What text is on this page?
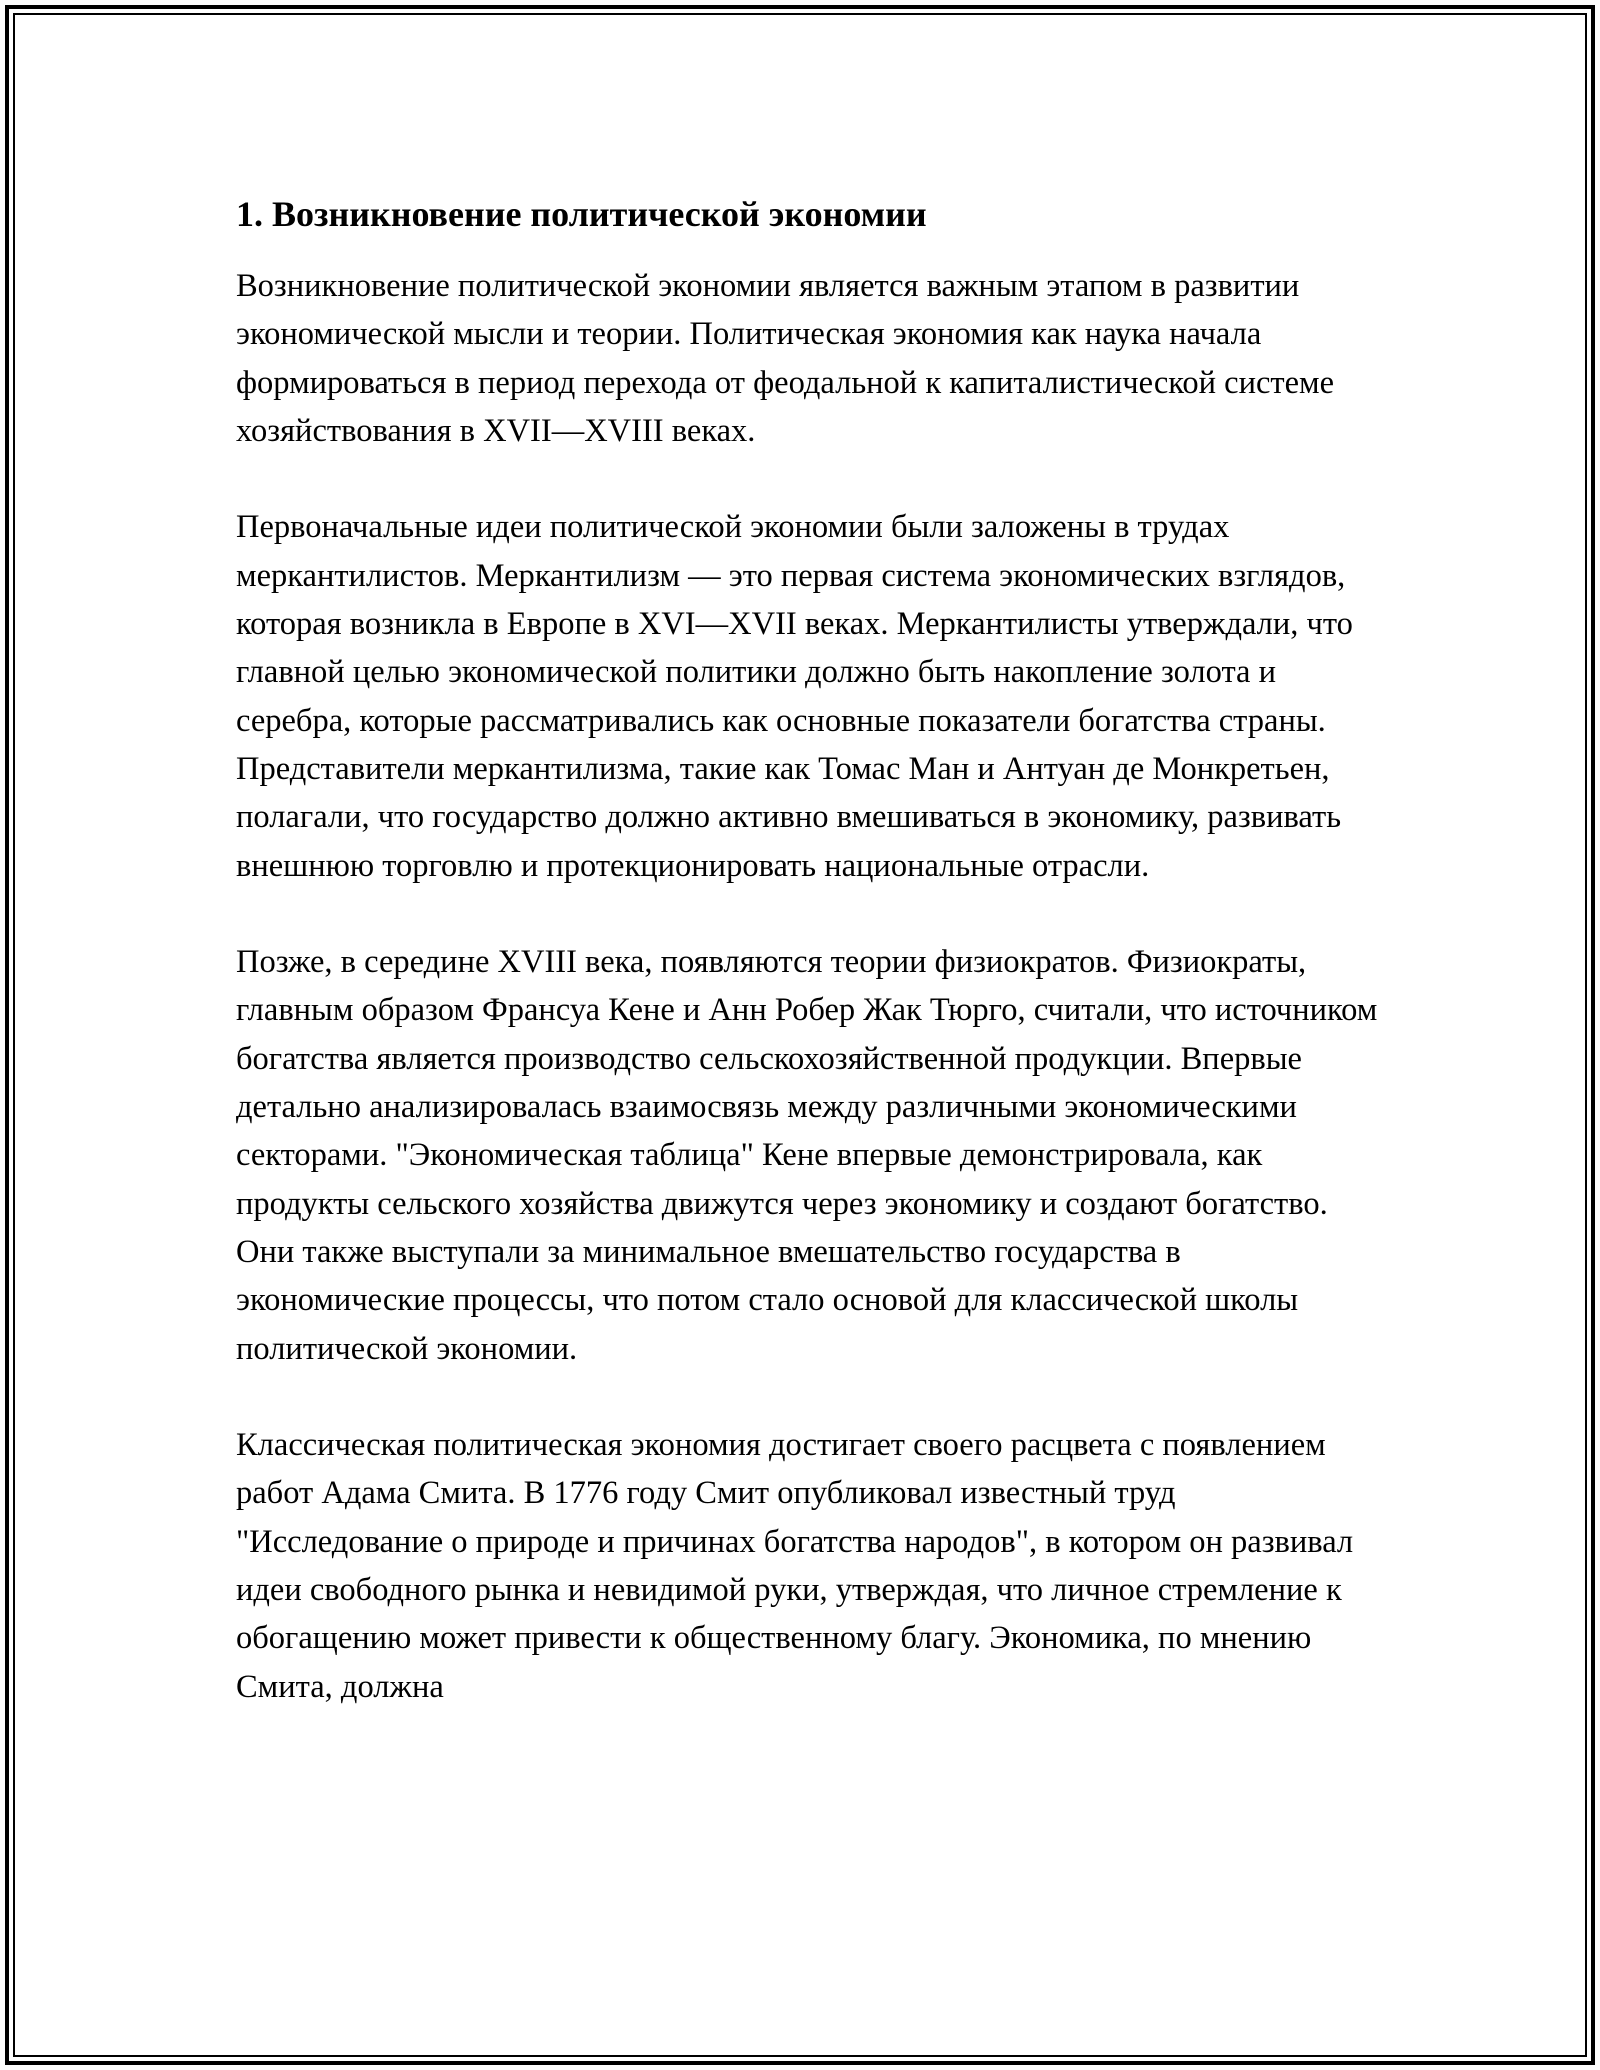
1. Возникновение политической экономии

Возникновение политической экономии является важным этапом в развитии экономической мысли и теории. Политическая экономия как наука начала формироваться в период перехода от феодальной к капиталистической системе хозяйствования в XVII—XVIII веках.

Первоначальные идеи политической экономии были заложены в трудах меркантилистов. Меркантилизм — это первая система экономических взглядов, которая возникла в Европе в XVI—XVII веках. Меркантилисты утверждали, что главной целью экономической политики должно быть накопление золота и серебра, которые рассматривались как основные показатели богатства страны. Представители меркантилизма, такие как Томас Ман и Антуан де Монкретьен, полагали, что государство должно активно вмешиваться в экономику, развивать внешнюю торговлю и протекционировать национальные отрасли.

Позже, в середине XVIII века, появляются теории физиократов. Физиократы, главным образом Франсуа Кене и Анн Робер Жак Тюрго, считали, что источником богатства является производство сельскохозяйственной продукции. Впервые детально анализировалась взаимосвязь между различными экономическими секторами. "Экономическая таблица" Кене впервые демонстрировала, как продукты сельского хозяйства движутся через экономику и создают богатство. Они также выступали за минимальное вмешательство государства в экономические процессы, что потом стало основой для классической школы политической экономии.

Классическая политическая экономия достигает своего расцвета с появлением работ Адама Смита. В 1776 году Смит опубликовал известный труд "Исследование о природе и причинах богатства народов", в котором он развивал идеи свободного рынка и невидимой руки, утверждая, что личное стремление к обогащению может привести к общественному благу. Экономика, по мнению Смита, должна
